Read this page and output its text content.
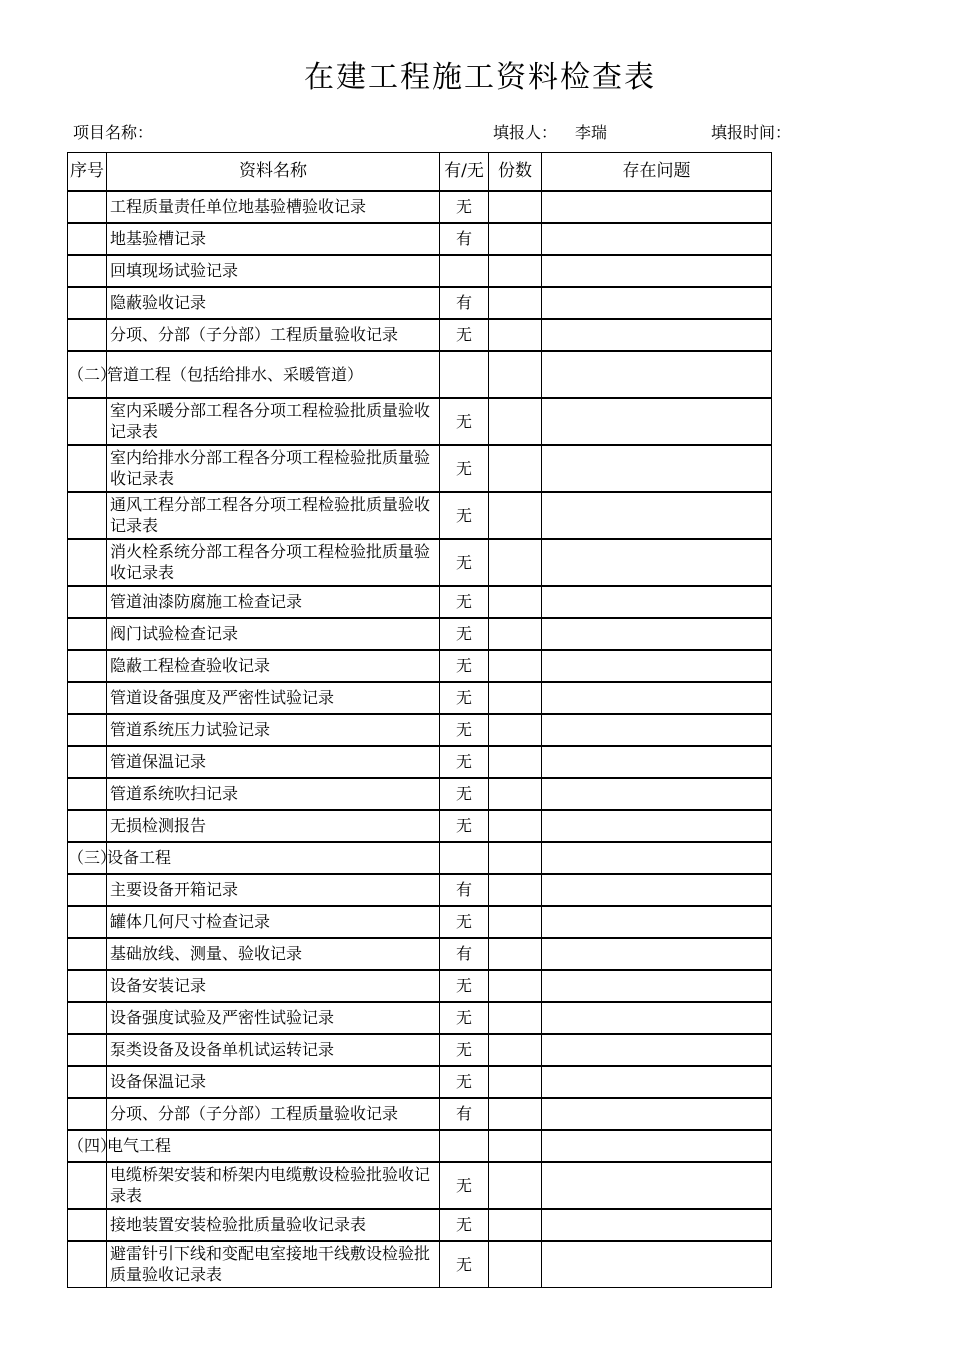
在建工程施工资料检查表
项目名称：	填报人： 李瑞	填报时间：
序号	资料名称	有/无	份数	存在问题
	工程质量责任单位地基验槽验收记录	无		
	地基验槽记录	有		
	回填现场试验记录			
	隐蔽验收记录	有		
	分项、分部（子分部）工程质量验收记录	无		
（二）	管道工程（包括给排水、采暖管道）			
	室内采暖分部工程各分项工程检验批质量验收记录表	无		
	室内给排水分部工程各分项工程检验批质量验收记录表	无		
	通风工程分部工程各分项工程检验批质量验收记录表	无		
	消火栓系统分部工程各分项工程检验批质量验收记录表	无		
	管道油漆防腐施工检查记录	无		
	阀门试验检查记录	无		
	隐蔽工程检查验收记录	无		
	管道设备强度及严密性试验记录	无		
	管道系统压力试验记录	无		
	管道保温记录	无		
	管道系统吹扫记录	无		
	无损检测报告	无		
（三）	设备工程			
	主要设备开箱记录	有		
	罐体几何尺寸检查记录	无		
	基础放线、测量、验收记录	有		
	设备安装记录	无		
	设备强度试验及严密性试验记录	无		
	泵类设备及设备单机试运转记录	无		
	设备保温记录	无		
	分项、分部（子分部）工程质量验收记录	有		
（四）	电气工程			
	电缆桥架安装和桥架内电缆敷设检验批验收记录表	无		
	接地装置安装检验批质量验收记录表	无		
	避雷针引下线和变配电室接地干线敷设检验批质量验收记录表	无		
